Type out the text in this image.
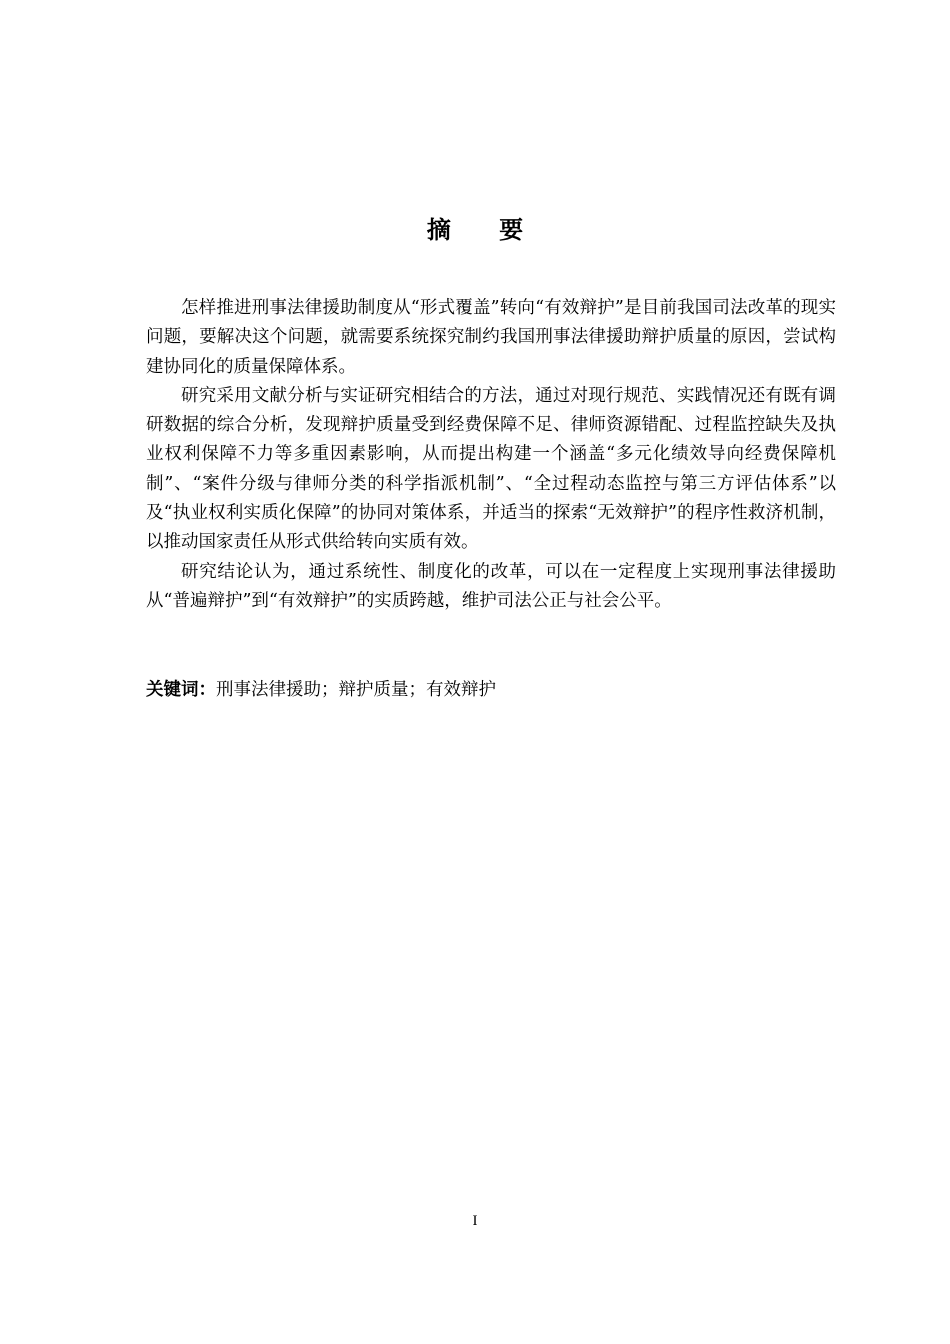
摘 要

怎样推进刑事法律援助制度从“形式覆盖”转向“有效辩护”是目前我国司法改革的现实问题，要解决这个问题，就需要系统探究制约我国刑事法律援助辩护质量的原因，尝试构建协同化的质量保障体系。

研究采用文献分析与实证研究相结合的方法，通过对现行规范、实践情况还有既有调研数据的综合分析，发现辩护质量受到经费保障不足、律师资源错配、过程监控缺失及执业权利保障不力等多重因素影响，从而提出构建一个涵盖“多元化绩效导向经费保障机制”、“案件分级与律师分类的科学指派机制”、“全过程动态监控与第三方评估体系”以及“执业权利实质化保障”的协同对策体系，并适当的探索“无效辩护”的程序性救济机制，以推动国家责任从形式供给转向实质有效。

研究结论认为，通过系统性、制度化的改革，可以在一定程度上实现刑事法律援助从“普遍辩护”到“有效辩护”的实质跨越，维护司法公正与社会公平。

关键词：刑事法律援助；辩护质量；有效辩护
I
